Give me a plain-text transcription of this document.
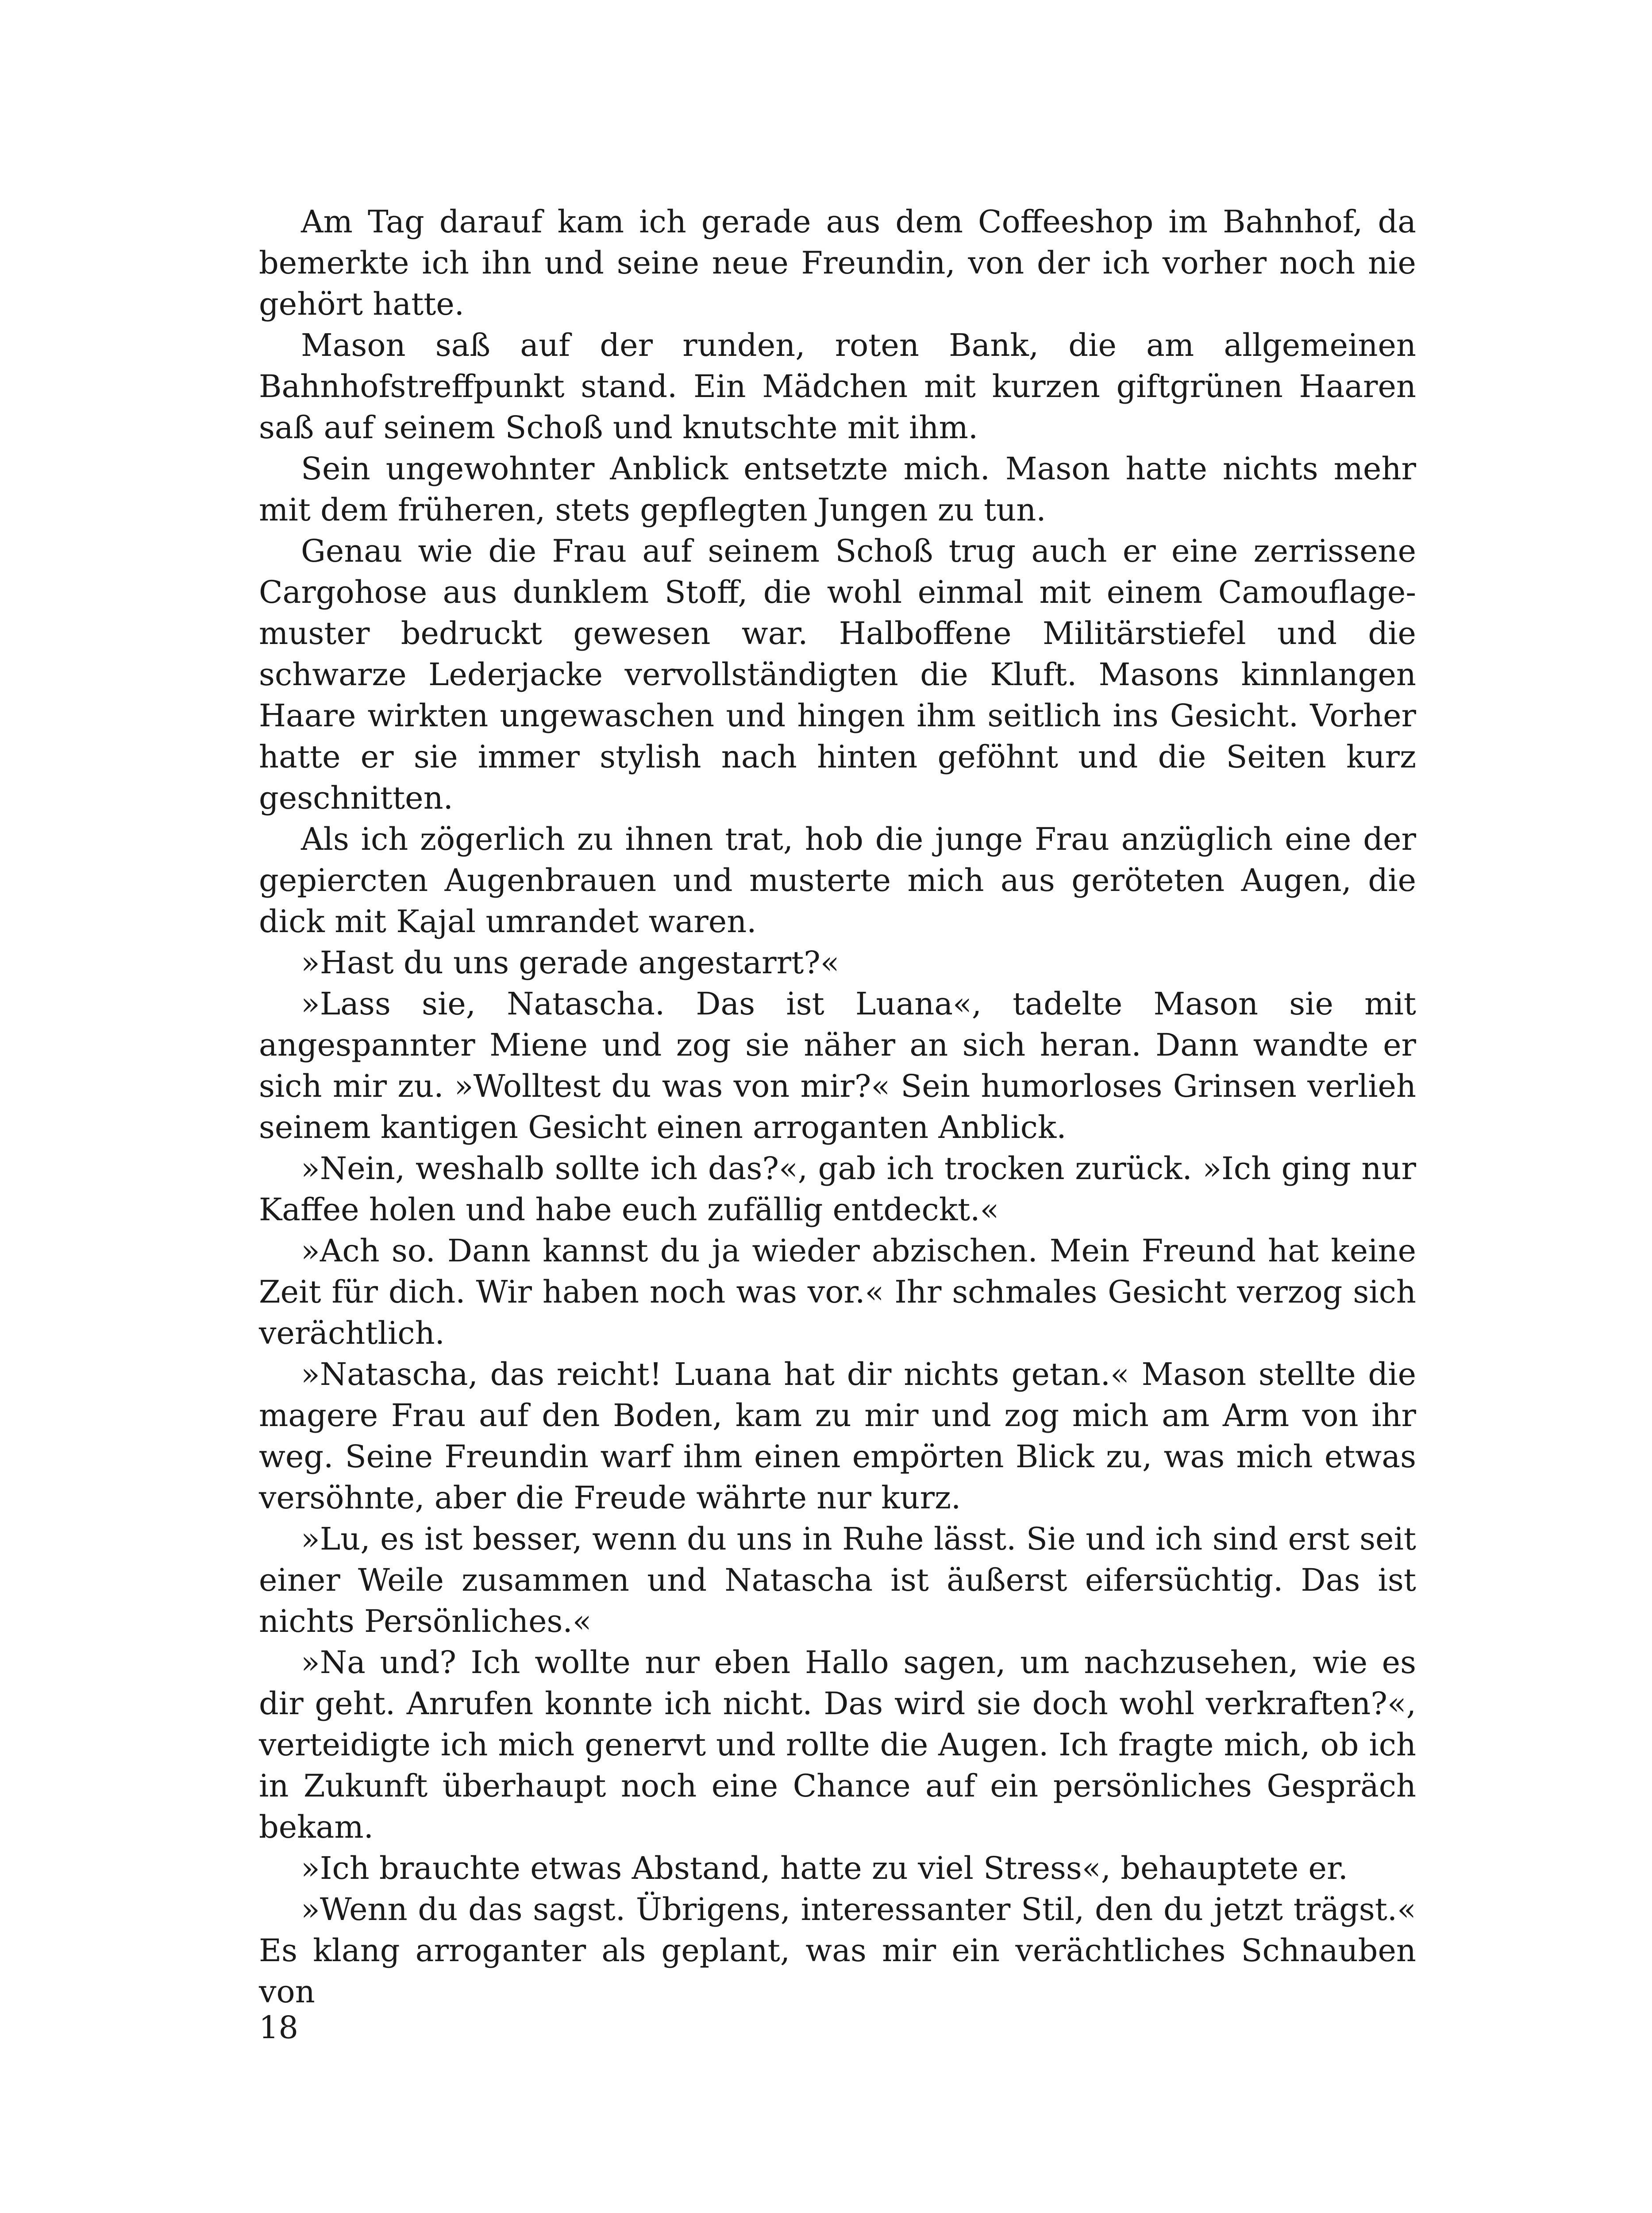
Am Tag darauf kam ich gerade aus dem Coffeeshop im Bahnhof, da bemerkte ich ihn und seine neue Freundin, von der ich vorher noch nie gehört hatte.

Mason saß auf der runden, roten Bank, die am allgemeinen Bahnhofstreffpunkt stand. Ein Mädchen mit kurzen giftgrünen Haaren saß auf seinem Schoß und knutschte mit ihm.

Sein ungewohnter Anblick entsetzte mich. Mason hatte nichts mehr mit dem früheren, stets gepflegten Jungen zu tun.

Genau wie die Frau auf seinem Schoß trug auch er eine zerrissene Cargohose aus dunklem Stoff, die wohl einmal mit einem Camouflagemuster bedruckt gewesen war. Halboffene Militärstiefel und die schwarze Lederjacke vervollständigten die Kluft. Masons kinnlangen Haare wirkten ungewaschen und hingen ihm seitlich ins Gesicht. Vorher hatte er sie immer stylish nach hinten geföhnt und die Seiten kurz geschnitten.

Als ich zögerlich zu ihnen trat, hob die junge Frau anzüglich eine der gepiercten Augenbrauen und musterte mich aus geröteten Augen, die dick mit Kajal umrandet waren.

»Hast du uns gerade angestarrt?«

»Lass sie, Natascha. Das ist Luana«, tadelte Mason sie mit angespannter Miene und zog sie näher an sich heran. Dann wandte er sich mir zu. »Wolltest du was von mir?« Sein humorloses Grinsen verlieh seinem kantigen Gesicht einen arroganten Anblick.

»Nein, weshalb sollte ich das?«, gab ich trocken zurück. »Ich ging nur Kaffee holen und habe euch zufällig entdeckt.«

»Ach so. Dann kannst du ja wieder abzischen. Mein Freund hat keine Zeit für dich. Wir haben noch was vor.« Ihr schmales Gesicht verzog sich verächtlich.

»Natascha, das reicht! Luana hat dir nichts getan.« Mason stellte die magere Frau auf den Boden, kam zu mir und zog mich am Arm von ihr weg. Seine Freundin warf ihm einen empörten Blick zu, was mich etwas versöhnte, aber die Freude währte nur kurz.

»Lu, es ist besser, wenn du uns in Ruhe lässt. Sie und ich sind erst seit einer Weile zusammen und Natascha ist äußerst eifersüchtig. Das ist nichts Persönliches.«

»Na und? Ich wollte nur eben Hallo sagen, um nachzusehen, wie es dir geht. Anrufen konnte ich nicht. Das wird sie doch wohl verkraften?«, verteidigte ich mich genervt und rollte die Augen. Ich fragte mich, ob ich in Zukunft überhaupt noch eine Chance auf ein persönliches Gespräch bekam.

»Ich brauchte etwas Abstand, hatte zu viel Stress«, behauptete er.

»Wenn du das sagst. Übrigens, interessanter Stil, den du jetzt trägst.« Es klang arroganter als geplant, was mir ein verächtliches Schnauben von

18
